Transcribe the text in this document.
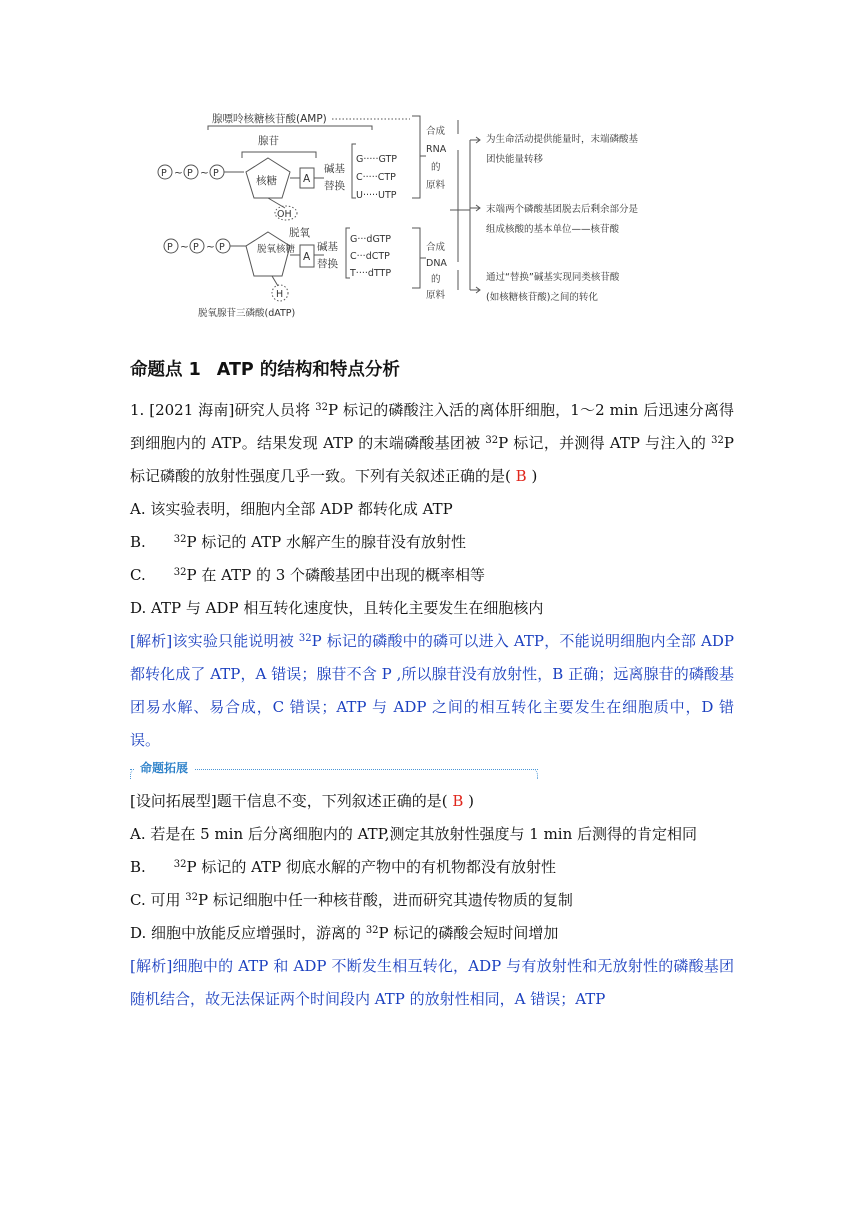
腺嘌呤核糖核苷酸(AMP)
腺苷
P ~ P ~ P
核糖 A
OH
脱氧
碱基
替换
G·····GTP
C·····CTP
U·····UTP
合成
RNA
的
原料
P ~ P ~ P	脱氧核糖
A
H
脱氧腺苷三磷酸(dATP)
碱基
替换
G···dGTP
C···dCTP
T····dTTP
合成
DNA
的
原料
为生命活动提供能量时，末端磷酸基
团快能量转移
末端两个磷酸基团脱去后剩余部分是
组成核酸的基本单位——核苷酸
通过“替换”碱基实现同类核苷酸
(如核糖核苷酸)之间的转化
命题点 1 ATP 的结构和特点分析

1. [2021 海南]研究人员将 $^{32}$P 标记的磷酸注入活的离体肝细胞，1～2 min 后迅速分离得到细胞内的 ATP。结果发现 ATP 的末端磷酸基团被 $^{32}$P 标记，并测得 ATP 与注入的 $^{32}$P 标记磷酸的放射性强度几乎一致。下列有关叙述正确的是( B )

A. 该实验表明，细胞内全部 ADP 都转化成 ATP

B.	$^{32}$P 标记的 ATP 水解产生的腺苷没有放射性

C.	$^{32}$P 在 ATP 的 3 个磷酸基团中出现的概率相等

D. ATP 与 ADP 相互转化速度快，且转化主要发生在细胞核内

[解析]该实验只能说明被 $^{32}$P 标记的磷酸中的磷可以进入 ATP，不能说明细胞内全部 ADP 都转化成了 ATP，A 错误；腺苷不含 P ,所以腺苷没有放射性，B 正确；远离腺苷的磷酸基团易水解、易合成，C 错误；ATP 与 ADP 之间的相互转化主要发生在细胞质中，D 错误。

命题拓展

[设问拓展型]题干信息不变，下列叙述正确的是( B )

A. 若是在 5 min 后分离细胞内的 ATP,测定其放射性强度与 1 min 后测得的肯定相同

B.	$^{32}$P 标记的 ATP 彻底水解的产物中的有机物都没有放射性

C. 可用 $^{32}$P 标记细胞中任一种核苷酸，进而研究其遗传物质的复制

D. 细胞中放能反应增强时，游离的 $^{32}$P 标记的磷酸会短时间增加

[解析]细胞中的 ATP 和 ADP 不断发生相互转化，ADP 与有放射性和无放射性的磷酸基团随机结合，故无法保证两个时间段内 ATP 的放射性相同，A 错误；ATP
